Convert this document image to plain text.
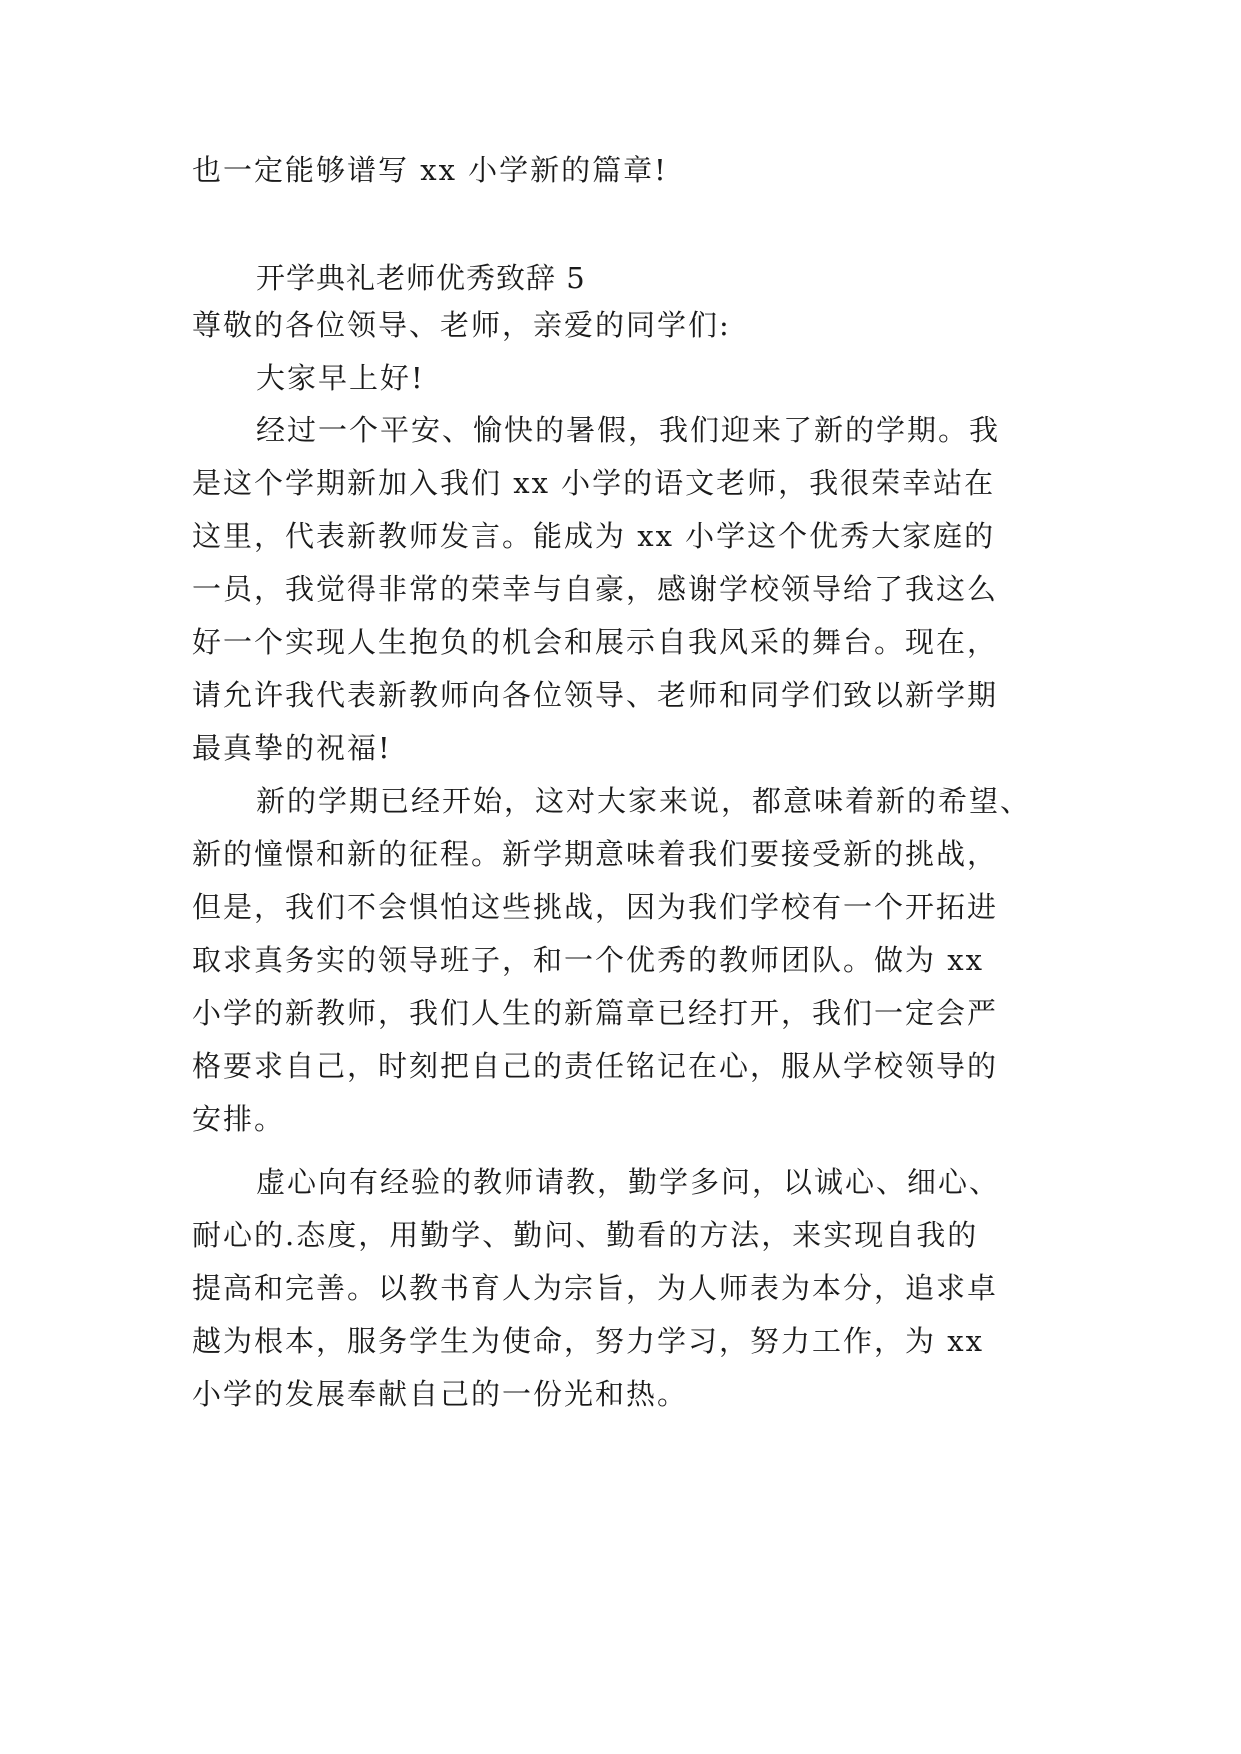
也一定能够谱写 xx 小学新的篇章!
开学典礼老师优秀致辞 5
尊敬的各位领导、老师，亲爱的同学们:
大家早上好!
经过一个平安、愉快的暑假，我们迎来了新的学期。我
是这个学期新加入我们 xx 小学的语文老师，我很荣幸站在
这里，代表新教师发言。能成为 xx 小学这个优秀大家庭的
一员，我觉得非常的荣幸与自豪，感谢学校领导给了我这么
好一个实现人生抱负的机会和展示自我风采的舞台。现在，
请允许我代表新教师向各位领导、老师和同学们致以新学期
最真挚的祝福!
新的学期已经开始，这对大家来说，都意味着新的希望、
新的憧憬和新的征程。新学期意味着我们要接受新的挑战，
但是，我们不会惧怕这些挑战，因为我们学校有一个开拓进
取求真务实的领导班子，和一个优秀的教师团队。做为 xx
小学的新教师，我们人生的新篇章已经打开，我们一定会严
格要求自己，时刻把自己的责任铭记在心，服从学校领导的
安排。
虚心向有经验的教师请教，勤学多问，以诚心、细心、
耐心的.态度，用勤学、勤问、勤看的方法，来实现自我的
提高和完善。以教书育人为宗旨，为人师表为本分，追求卓
越为根本，服务学生为使命，努力学习，努力工作，为 xx
小学的发展奉献自己的一份光和热。
